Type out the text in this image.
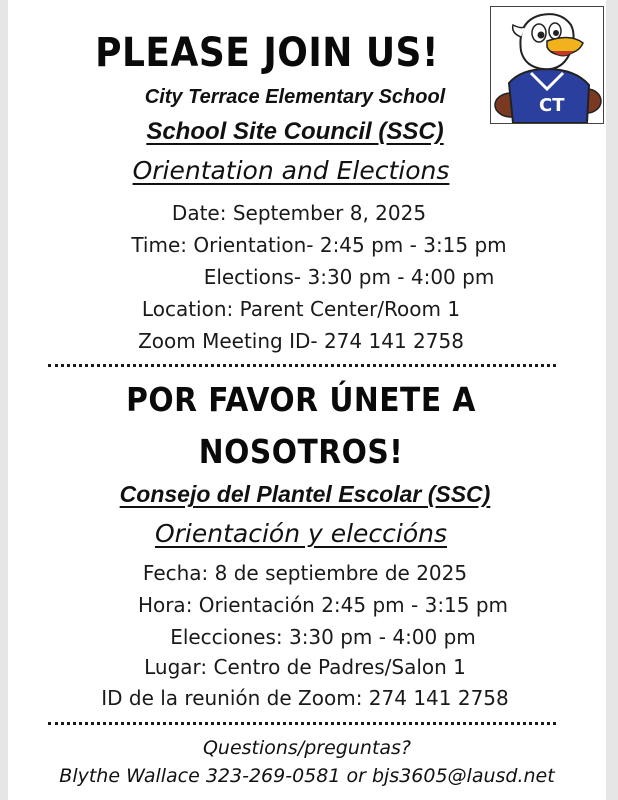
CT
PLEASE JOIN US!
City Terrace Elementary School
School Site Council (SSC)
Orientation and Elections
Date: September 8, 2025
Time: Orientation- 2:45 pm - 3:15 pm
Elections- 3:30 pm - 4:00 pm
Location: Parent Center/Room 1
Zoom Meeting ID- 274 141 2758
POR FAVOR ÚNETE A
NOSOTROS!
Consejo del Plantel Escolar (SSC)
Orientación y eleccións
Fecha: 8 de septiembre de 2025
Hora: Orientación 2:45 pm - 3:15 pm
Elecciones: 3:30 pm - 4:00 pm
Lugar: Centro de Padres/Salon 1
ID de la reunión de Zoom: 274 141 2758
Questions/preguntas?
Blythe Wallace 323-269-0581 or bjs3605@lausd.net
